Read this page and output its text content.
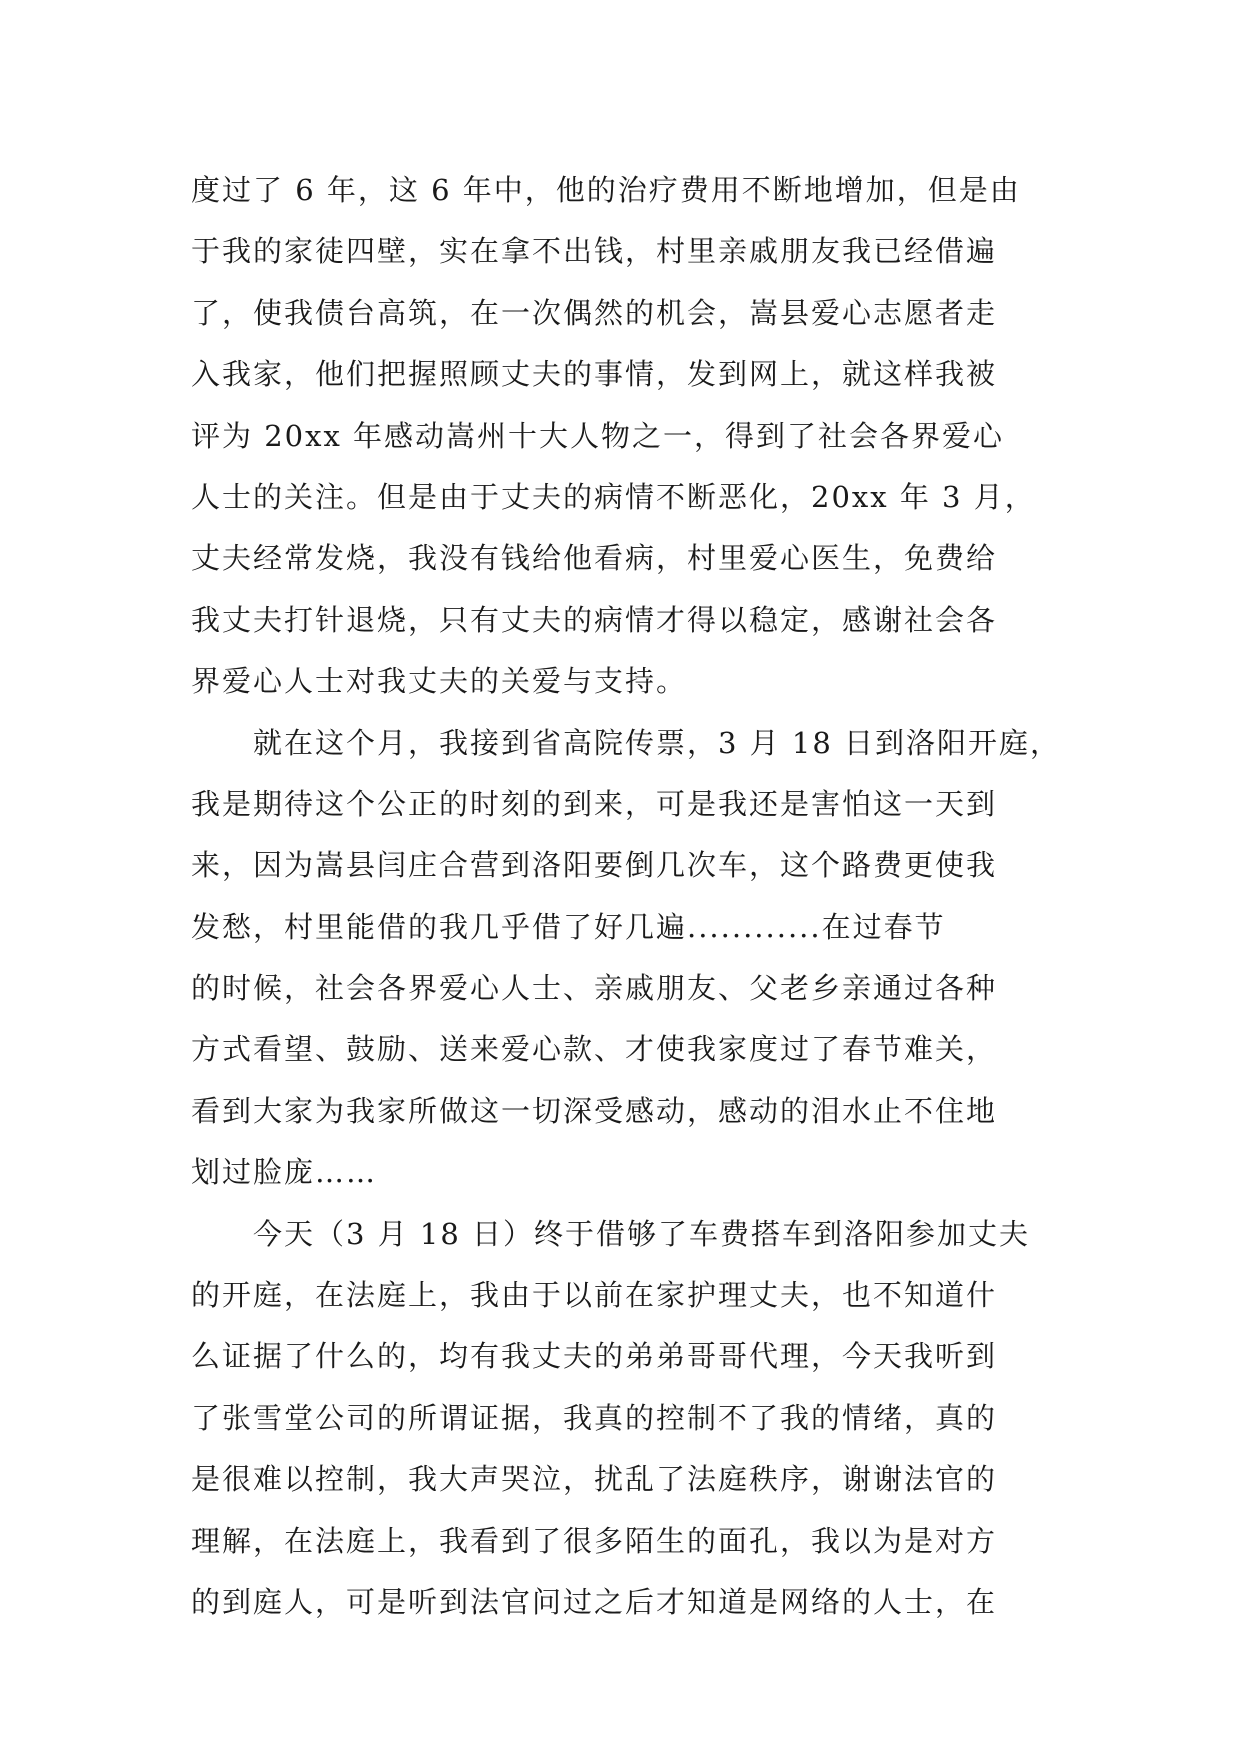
度过了 6 年，这 6 年中，他的治疗费用不断地增加，但是由
于我的家徒四壁，实在拿不出钱，村里亲戚朋友我已经借遍
了，使我债台高筑，在一次偶然的机会，嵩县爱心志愿者走
入我家，他们把握照顾丈夫的事情，发到网上，就这样我被
评为 20xx 年感动嵩州十大人物之一，得到了社会各界爱心
人士的关注。但是由于丈夫的病情不断恶化，20xx 年 3 月，
丈夫经常发烧，我没有钱给他看病，村里爱心医生，免费给
我丈夫打针退烧，只有丈夫的病情才得以稳定，感谢社会各
界爱心人士对我丈夫的关爱与支持。
就在这个月，我接到省高院传票，3 月 18 日到洛阳开庭，
我是期待这个公正的时刻的到来，可是我还是害怕这一天到
来，因为嵩县闫庄合营到洛阳要倒几次车，这个路费更使我
发愁，村里能借的我几乎借了好几遍............在过春节
的时候，社会各界爱心人士、亲戚朋友、父老乡亲通过各种
方式看望、鼓励、送来爱心款、才使我家度过了春节难关，
看到大家为我家所做这一切深受感动，感动的泪水止不住地
划过脸庞……
今天（3 月 18 日）终于借够了车费搭车到洛阳参加丈夫
的开庭，在法庭上，我由于以前在家护理丈夫，也不知道什
么证据了什么的，均有我丈夫的弟弟哥哥代理，今天我听到
了张雪堂公司的所谓证据，我真的控制不了我的情绪，真的
是很难以控制，我大声哭泣，扰乱了法庭秩序，谢谢法官的
理解，在法庭上，我看到了很多陌生的面孔，我以为是对方
的到庭人，可是听到法官问过之后才知道是网络的人士，在
